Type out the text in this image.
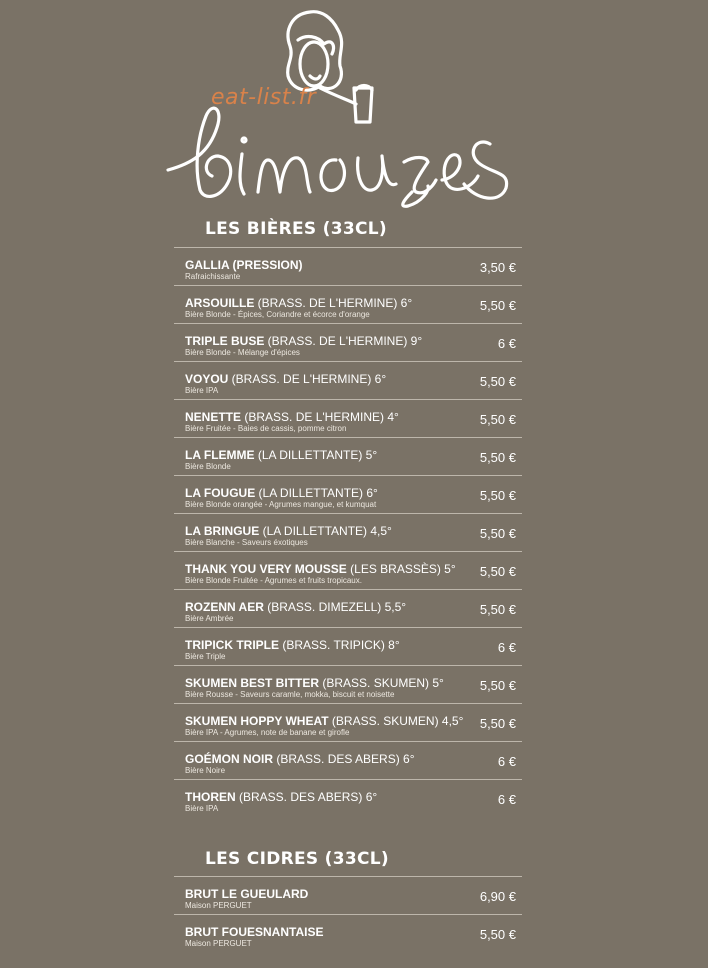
eat-list.fr
LES BIÈRES (33CL)
GALLIA (PRESSION)
Rafraichissante
3,50 €
ARSOUILLE (BRASS. DE L'HERMINE) 6°
Bière Blonde - Épices, Coriandre et écorce d'orange
5,50 €
TRIPLE BUSE (BRASS. DE L'HERMINE) 9°
Bière Blonde - Mélange d'épices
6 €
VOYOU (BRASS. DE L'HERMINE) 6°
Bière IPA
5,50 €
NENETTE (BRASS. DE L'HERMINE) 4°
Bière Fruitée - Baies de cassis, pomme citron
5,50 €
LA FLEMME (LA DILLETTANTE) 5°
Bière Blonde
5,50 €
LA FOUGUE (LA DILLETTANTE) 6°
Bière Blonde orangée - Agrumes mangue, et kumquat
5,50 €
LA BRINGUE (LA DILLETTANTE) 4,5°
Bière Blanche - Saveurs éxotiques
5,50 €
THANK YOU VERY MOUSSE (LES BRASSÈS) 5°
Bière Blonde Fruitée - Agrumes et fruits tropicaux.
5,50 €
ROZENN AER (BRASS. DIMEZELL) 5,5°
Bière Ambrée
5,50 €
TRIPICK TRIPLE (BRASS. TRIPICK) 8°
Bière Triple
6 €
SKUMEN BEST BITTER (BRASS. SKUMEN) 5°
Bière Rousse - Saveurs caramle, mokka, biscuit et noisette
5,50 €
SKUMEN HOPPY WHEAT (BRASS. SKUMEN) 4,5°
Bière IPA - Agrumes, note de banane et girofle
5,50 €
GOÉMON NOIR (BRASS. DES ABERS) 6°
Bière Noire
6 €
THOREN (BRASS. DES ABERS) 6°
Bière IPA
6 €
LES CIDRES (33CL)
BRUT LE GUEULARD
Maison PERGUET
6,90 €
BRUT FOUESNANTAISE
Maison PERGUET
5,50 €
